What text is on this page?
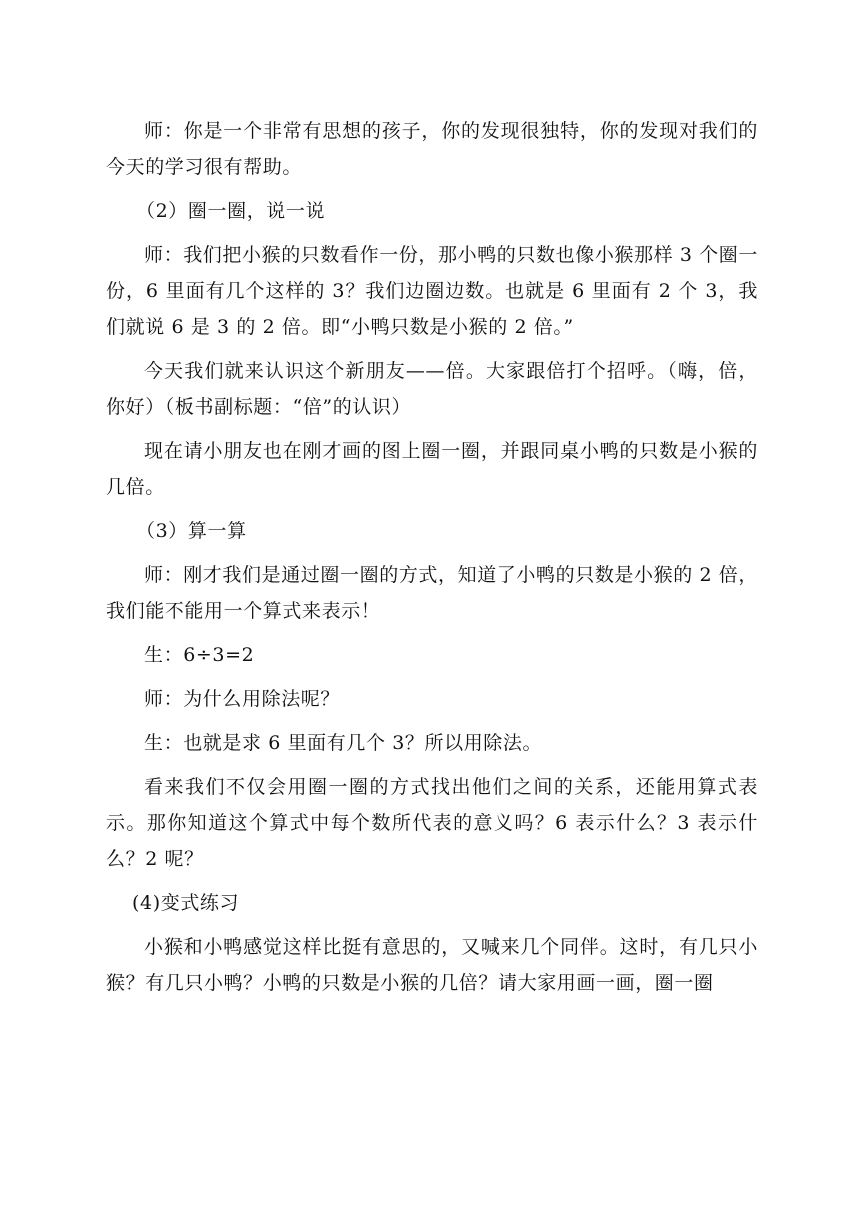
师：你是一个非常有思想的孩子，你的发现很独特，你的发现对我们的今天的学习很有帮助。

（2）圈一圈，说一说

师：我们把小猴的只数看作一份，那小鸭的只数也像小猴那样 3 个圈一份，6 里面有几个这样的 3？我们边圈边数。也就是 6 里面有 2 个 3，我们就说 6 是 3 的 2 倍。即“小鸭只数是小猴的 2 倍。”

今天我们就来认识这个新朋友——倍。大家跟倍打个招呼。（嗨，倍，你好）（板书副标题：“倍”的认识）

现在请小朋友也在刚才画的图上圈一圈，并跟同桌小鸭的只数是小猴的几倍。

（3）算一算

师：刚才我们是通过圈一圈的方式，知道了小鸭的只数是小猴的 2 倍，我们能不能用一个算式来表示！

生：6÷3=2

师：为什么用除法呢？

生：也就是求 6 里面有几个 3？所以用除法。

看来我们不仅会用圈一圈的方式找出他们之间的关系，还能用算式表示。那你知道这个算式中每个数所代表的意义吗？6 表示什么？3 表示什么？2 呢？

(4)变式练习

小猴和小鸭感觉这样比挺有意思的，又喊来几个同伴。这时，有几只小猴？有几只小鸭？小鸭的只数是小猴的几倍？请大家用画一画，圈一圈
